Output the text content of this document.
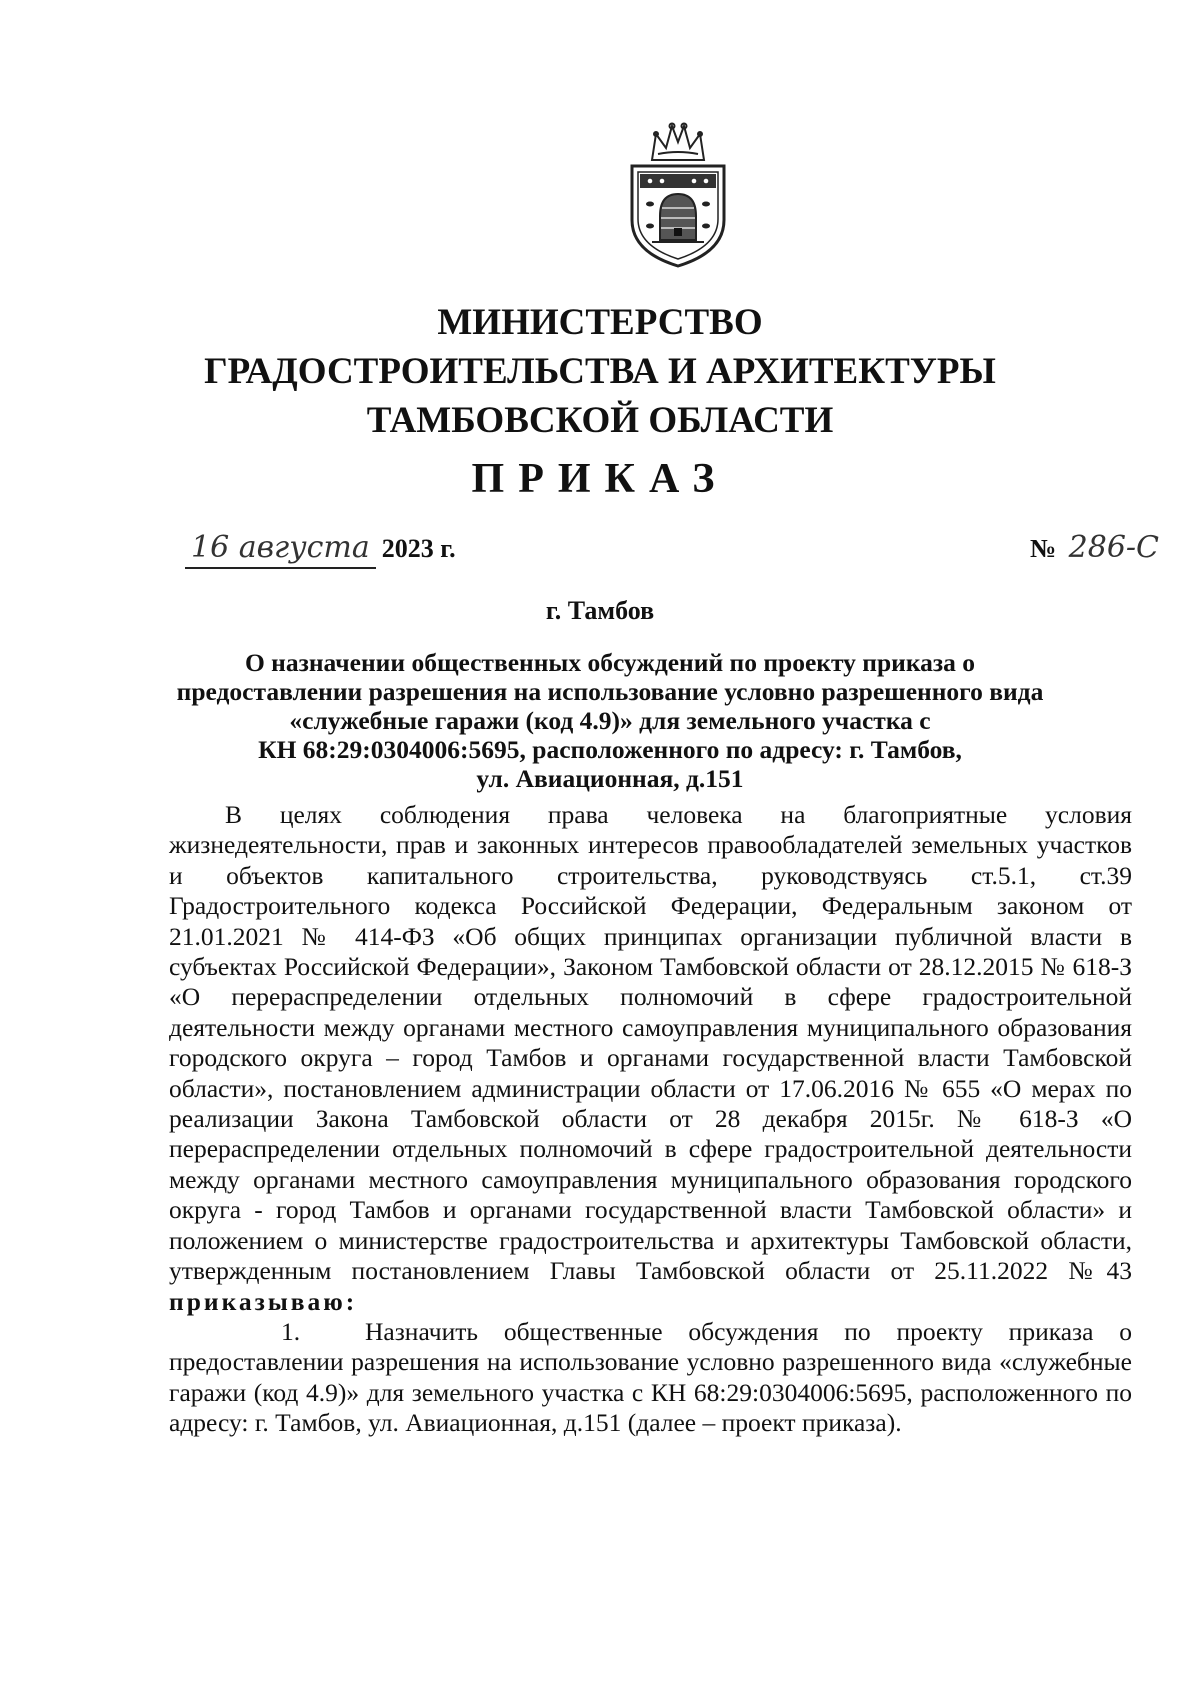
МИНИСТЕРСТВО
ГРАДОСТРОИТЕЛЬСТВА И АРХИТЕКТУРЫ
ТАМБОВСКОЙ ОБЛАСТИ
ПРИКАЗ
16 августа 2023 г.	№ 286-С
г. Тамбов
О назначении общественных обсуждений по проекту приказа о
предоставлении разрешения на использование условно разрешенного вида
«служебные гаражи (код 4.9)» для земельного участка с
КН 68:29:0304006:5695, расположенного по адресу: г. Тамбов,
ул. Авиационная, д.151

В целях соблюдения права человека на благоприятные условия жизнедеятельности, прав и законных интересов правообладателей земельных участков и объектов капитального строительства, руководствуясь ст.5.1, ст.39 Градостроительного кодекса Российской Федерации, Федеральным законом от 21.01.2021 № 414-ФЗ «Об общих принципах организации публичной власти в субъектах Российской Федерации», Законом Тамбовской области от 28.12.2015 № 618-З «О перераспределении отдельных полномочий в сфере градостроительной деятельности между органами местного самоуправления муниципального образования городского округа – город Тамбов и органами государственной власти Тамбовской области», постановлением администрации области от 17.06.2016 № 655 «О мерах по реализации Закона Тамбовской области от 28 декабря 2015г. № 618-З «О перераспределении отдельных полномочий в сфере градостроительной деятельности между органами местного самоуправления муниципального образования городского округа - город Тамбов и органами государственной власти Тамбовской области» и положением о министерстве градостроительства и архитектуры Тамбовской области, утвержденным постановлением Главы Тамбовской области от 25.11.2022 №43 приказываю:

1.	Назначить общественные обсуждения по проекту приказа о предоставлении разрешения на использование условно разрешенного вида «служебные гаражи (код 4.9)» для земельного участка с КН 68:29:0304006:5695, расположенного по адресу: г. Тамбов, ул. Авиационная, д.151 (далее – проект приказа).
